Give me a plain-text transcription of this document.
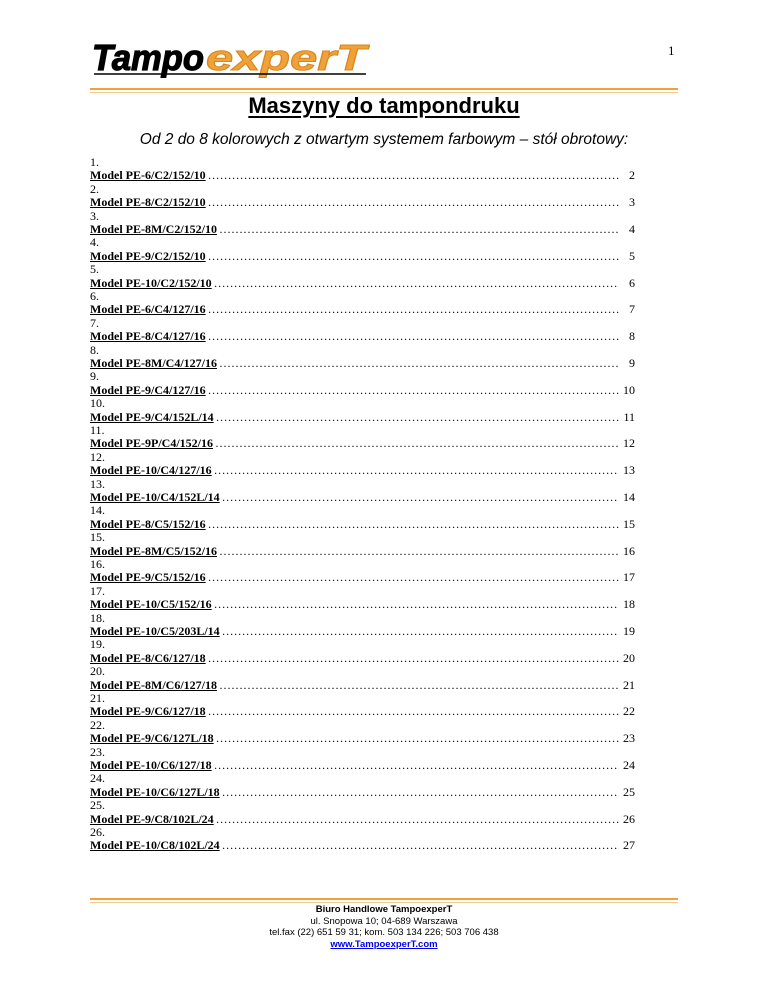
1
Tampo experT
Maszyny do tampondruku
Od 2 do 8 kolorowych z otwartym systemem farbowym – stół obrotowy:
1.
Model PE-6/C2/152/10 ……………………………………………………………………………………………………………………………………	2
2.
Model PE-8/C2/152/10 ……………………………………………………………………………………………………………………………………	3
3.
Model PE-8M/C2/152/10 ……………………………………………………………………………………………………………………………………	4
4.
Model PE-9/C2/152/10 ……………………………………………………………………………………………………………………………………	5
5.
Model PE-10/C2/152/10 ……………………………………………………………………………………………………………………………………	6
6.
Model PE-6/C4/127/16 ……………………………………………………………………………………………………………………………………	7
7.
Model PE-8/C4/127/16 ……………………………………………………………………………………………………………………………………	8
8.
Model PE-8M/C4/127/16 ……………………………………………………………………………………………………………………………………	9
9.
Model PE-9/C4/127/16 ……………………………………………………………………………………………………………………………………	10
10.
Model PE-9/C4/152L/14 ……………………………………………………………………………………………………………………………………	11
11.
Model PE-9P/C4/152/16 ……………………………………………………………………………………………………………………………………	12
12.
Model PE-10/C4/127/16 ……………………………………………………………………………………………………………………………………	13
13.
Model PE-10/C4/152L/14 ……………………………………………………………………………………………………………………………………	14
14.
Model PE-8/C5/152/16 ……………………………………………………………………………………………………………………………………	15
15.
Model PE-8M/C5/152/16 ……………………………………………………………………………………………………………………………………	16
16.
Model PE-9/C5/152/16 ……………………………………………………………………………………………………………………………………	17
17.
Model PE-10/C5/152/16 ……………………………………………………………………………………………………………………………………	18
18.
Model PE-10/C5/203L/14 ……………………………………………………………………………………………………………………………………	19
19.
Model PE-8/C6/127/18 ……………………………………………………………………………………………………………………………………	20
20.
Model PE-8M/C6/127/18 ……………………………………………………………………………………………………………………………………	21
21.
Model PE-9/C6/127/18 ……………………………………………………………………………………………………………………………………	22
22.
Model PE-9/C6/127L/18 ……………………………………………………………………………………………………………………………………	23
23.
Model PE-10/C6/127/18 ……………………………………………………………………………………………………………………………………	24
24.
Model PE-10/C6/127L/18 ……………………………………………………………………………………………………………………………………	25
25.
Model PE-9/C8/102L/24 ……………………………………………………………………………………………………………………………………	26
26.
Model PE-10/C8/102L/24 ……………………………………………………………………………………………………………………………………	27
Biuro Handlowe TampoexperT
ul. Snopowa 10; 04-689 Warszawa
tel.fax (22) 651 59 31; kom. 503 134 226; 503 706 438
www.TampoexperT.com
